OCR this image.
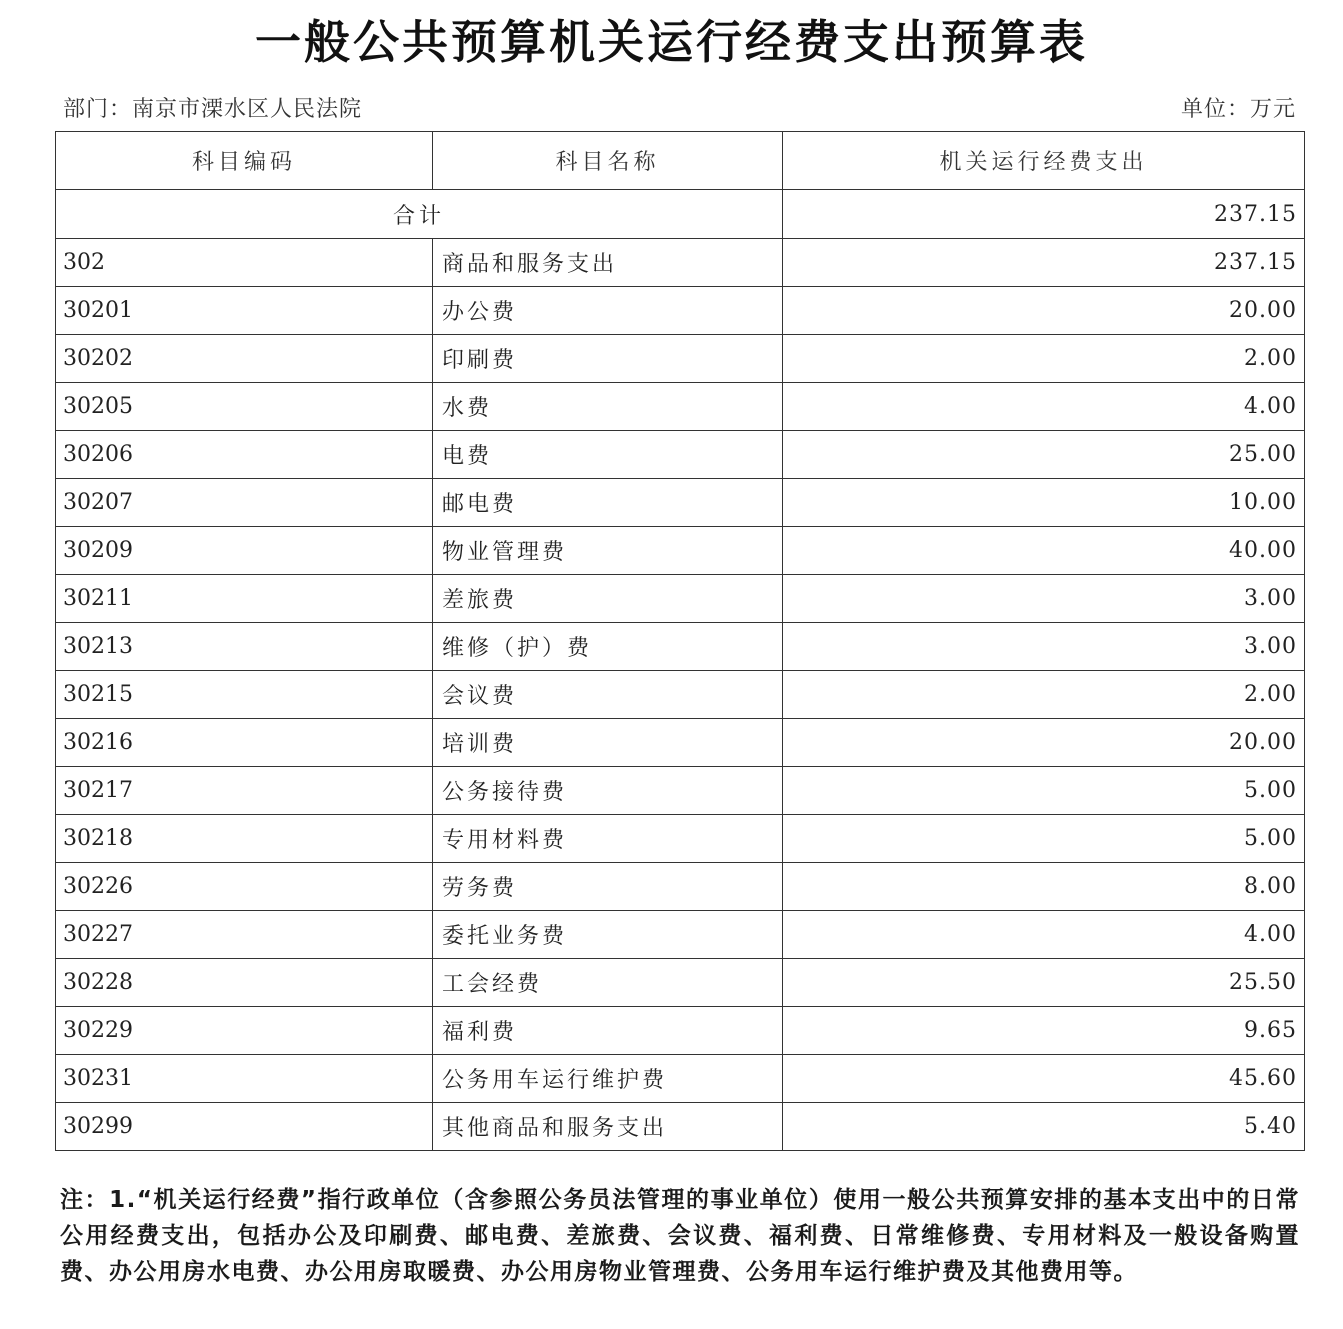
一般公共预算机关运行经费支出预算表
部门：南京市溧水区人民法院	单位：万元
科目编码	科目名称	机关运行经费支出
合计		237.15
302	商品和服务支出	237.15
30201	办公费	20.00
30202	印刷费	2.00
30205	水费	4.00
30206	电费	25.00
30207	邮电费	10.00
30209	物业管理费	40.00
30211	差旅费	3.00
30213	维修（护）费	3.00
30215	会议费	2.00
30216	培训费	20.00
30217	公务接待费	5.00
30218	专用材料费	5.00
30226	劳务费	8.00
30227	委托业务费	4.00
30228	工会经费	25.50
30229	福利费	9.65
30231	公务用车运行维护费	45.60
30299	其他商品和服务支出	5.40
注：1.“机关运行经费”指行政单位（含参照公务员法管理的事业单位）使用一般公共预算安排的基本支出中的日常公用经费支出，包括办公及印刷费、邮电费、差旅费、会议费、福利费、日常维修费、专用材料及一般设备购置费、办公用房水电费、办公用房取暖费、办公用房物业管理费、公务用车运行维护费及其他费用等。
